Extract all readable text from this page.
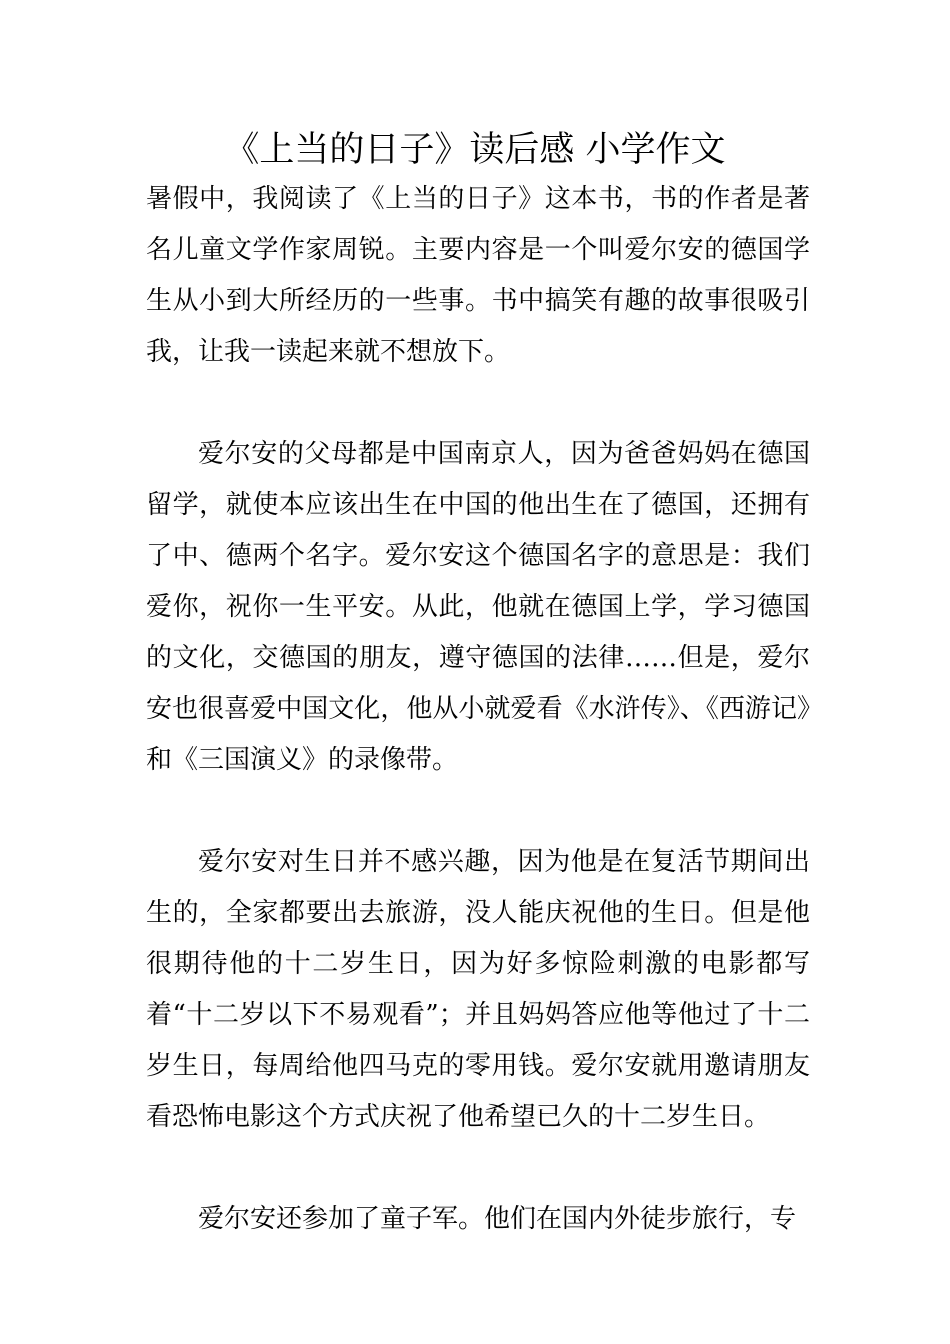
《上当的日子》读后感 小学作文

暑假中，我阅读了《上当的日子》这本书，书的作者是著名儿童文学作家周锐。主要内容是一个叫爱尔安的德国学生从小到大所经历的一些事。书中搞笑有趣的故事很吸引我，让我一读起来就不想放下。

爱尔安的父母都是中国南京人，因为爸爸妈妈在德国留学，就使本应该出生在中国的他出生在了德国，还拥有了中、德两个名字。爱尔安这个德国名字的意思是：我们爱你，祝你一生平安。从此，他就在德国上学，学习德国的文化，交德国的朋友，遵守德国的法律……但是，爱尔安也很喜爱中国文化，他从小就爱看《水浒传》、《西游记》和《三国演义》的录像带。

爱尔安对生日并不感兴趣，因为他是在复活节期间出生的，全家都要出去旅游，没人能庆祝他的生日。但是他很期待他的十二岁生日，因为好多惊险刺激的电影都写着“十二岁以下不易观看”；并且妈妈答应他等他过了十二岁生日，每周给他四马克的零用钱。爱尔安就用邀请朋友看恐怖电影这个方式庆祝了他希望已久的十二岁生日。

爱尔安还参加了童子军。他们在国内外徒步旅行，专
